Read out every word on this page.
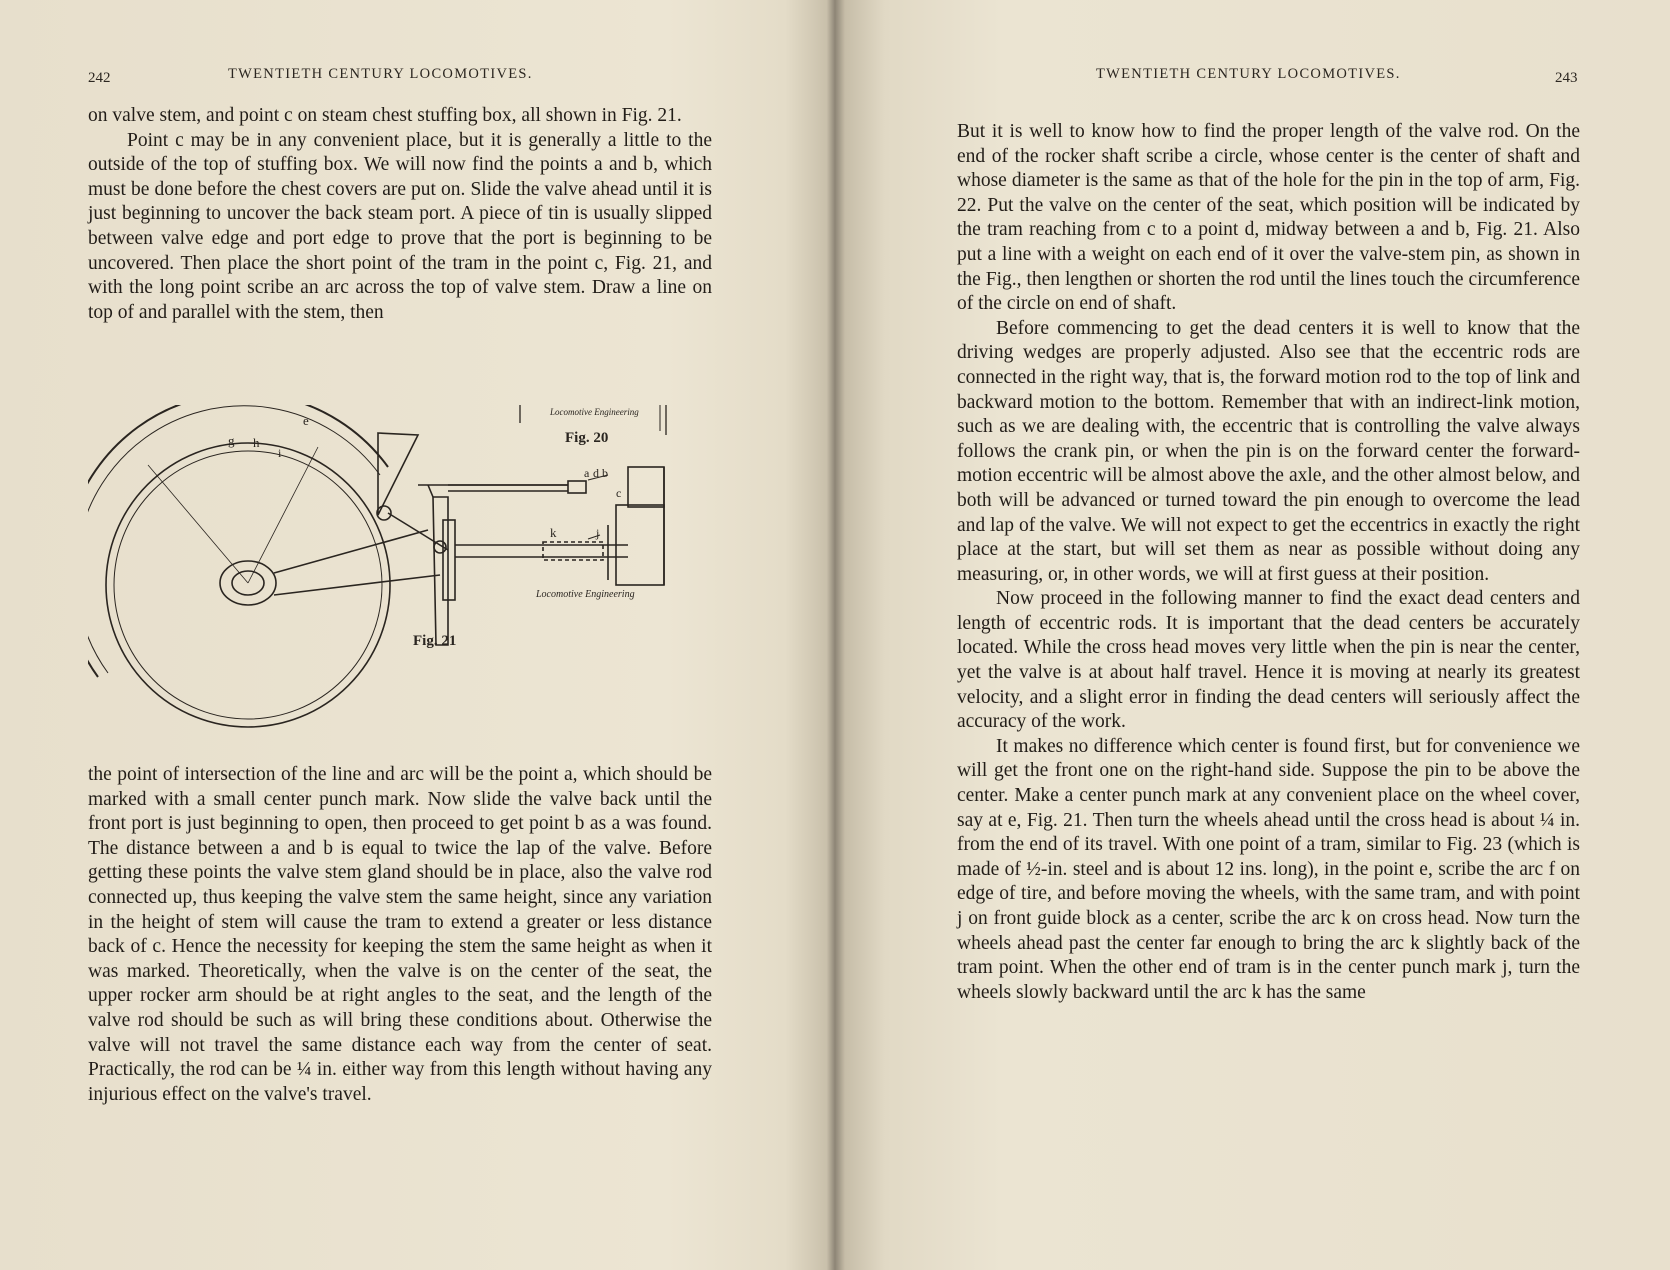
242	TWENTIETH CENTURY LOCOMOTIVES.

on valve stem, and point c on steam chest stuffing box, all shown in Fig. 21.

Point c may be in any convenient place, but it is generally a little to the outside of the top of stuffing box. We will now find the points a and b, which must be done before the chest covers are put on. Slide the valve ahead until it is just beginning to uncover the back steam port. A piece of tin is usually slipped between valve edge and port edge to prove that the port is beginning to be uncovered. Then place the short point of the tram in the point c, Fig. 21, and with the long point scribe an arc across the top of valve stem. Draw a line on top of and parallel with the stem, then

e
g h
i
a d b
c
k	j
Locomotive Engineering
Fig. 20
Locomotive Engineering
Fig. 21

the point of intersection of the line and arc will be the point a, which should be marked with a small center punch mark. Now slide the valve back until the front port is just beginning to open, then proceed to get point b as a was found. The distance between a and b is equal to twice the lap of the valve. Before getting these points the valve stem gland should be in place, also the valve rod connected up, thus keeping the valve stem the same height, since any variation in the height of stem will cause the tram to extend a greater or less distance back of c. Hence the necessity for keeping the stem the same height as when it was marked. Theoretically, when the valve is on the center of the seat, the upper rocker arm should be at right angles to the seat, and the length of the valve rod should be such as will bring these conditions about. Otherwise the valve will not travel the same distance each way from the center of seat. Practically, the rod can be ¼ in. either way from this length without having any injurious effect on the valve's travel.

TWENTIETH CENTURY LOCOMOTIVES.	243

But it is well to know how to find the proper length of the valve rod. On the end of the rocker shaft scribe a circle, whose center is the center of shaft and whose diameter is the same as that of the hole for the pin in the top of arm, Fig. 22. Put the valve on the center of the seat, which position will be indicated by the tram reaching from c to a point d, midway between a and b, Fig. 21. Also put a line with a weight on each end of it over the valve-stem pin, as shown in the Fig., then lengthen or shorten the rod until the lines touch the circumference of the circle on end of shaft.

Before commencing to get the dead centers it is well to know that the driving wedges are properly adjusted. Also see that the eccentric rods are connected in the right way, that is, the forward motion rod to the top of link and backward motion to the bottom. Remember that with an indirect-link motion, such as we are dealing with, the eccentric that is controlling the valve always follows the crank pin, or when the pin is on the forward center the forward-motion eccentric will be almost above the axle, and the other almost below, and both will be advanced or turned toward the pin enough to overcome the lead and lap of the valve. We will not expect to get the eccentrics in exactly the right place at the start, but will set them as near as possible without doing any measuring, or, in other words, we will at first guess at their position.

Now proceed in the following manner to find the exact dead centers and length of eccentric rods. It is important that the dead centers be accurately located. While the cross head moves very little when the pin is near the center, yet the valve is at about half travel. Hence it is moving at nearly its greatest velocity, and a slight error in finding the dead centers will seriously affect the accuracy of the work.

It makes no difference which center is found first, but for convenience we will get the front one on the right-hand side. Suppose the pin to be above the center. Make a center punch mark at any convenient place on the wheel cover, say at e, Fig. 21. Then turn the wheels ahead until the cross head is about ¼ in. from the end of its travel. With one point of a tram, similar to Fig. 23 (which is made of ½-in. steel and is about 12 ins. long), in the point e, scribe the arc f on edge of tire, and before moving the wheels, with the same tram, and with point j on front guide block as a center, scribe the arc k on cross head. Now turn the wheels ahead past the center far enough to bring the arc k slightly back of the tram point. When the other end of tram is in the center punch mark j, turn the wheels slowly backward until the arc k has the same
